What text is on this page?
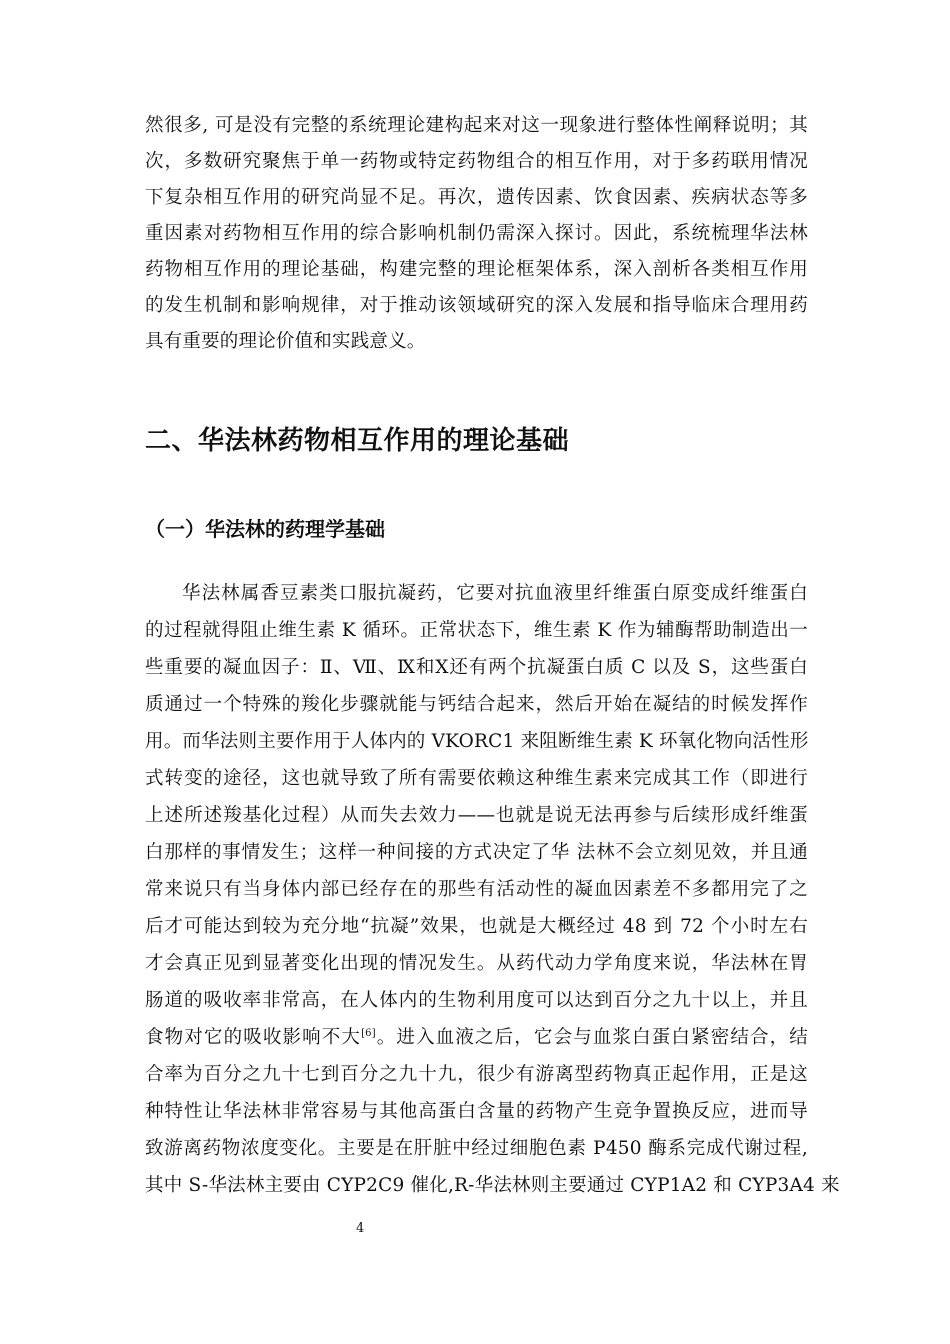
然很多, 可是没有完整的系统理论建构起来对这一现象进行整体性阐释说明；其
次，多数研究聚焦于单一药物或特定药物组合的相互作用，对于多药联用情况
下复杂相互作用的研究尚显不足。再次，遗传因素、饮食因素、疾病状态等多
重因素对药物相互作用的综合影响机制仍需深入探讨。因此，系统梳理华法林
药物相互作用的理论基础，构建完整的理论框架体系，深入剖析各类相互作用
的发生机制和影响规律，对于推动该领域研究的深入发展和指导临床合理用药
具有重要的理论价值和实践意义。
二、华法林药物相互作用的理论基础
（一）华法林的药理学基础
华法林属香豆素类口服抗凝药，它要对抗血液里纤维蛋白原变成纤维蛋白
的过程就得阻止维生素 K 循环。正常状态下，维生素 K 作为辅酶帮助制造出一
些重要的凝血因子：Ⅱ、Ⅶ、Ⅸ和Ⅹ还有两个抗凝蛋白质 C 以及 S，这些蛋白
质通过一个特殊的羧化步骤就能与钙结合起来，然后开始在凝结的时候发挥作
用。而华法则主要作用于人体内的 VKORC1 来阻断维生素 K 环氧化物向活性形
式转变的途径，这也就导致了所有需要依赖这种维生素来完成其工作（即进行
上述所述羧基化过程）从而失去效力——也就是说无法再参与后续形成纤维蛋
白那样的事情发生；这样一种间接的方式决定了华 法林不会立刻见效，并且通
常来说只有当身体内部已经存在的那些有活动性的凝血因素差不多都用完了之
后才可能达到较为充分地“抗凝”效果，也就是大概经过 48 到 72 个小时左右
才会真正见到显著变化出现的情况发生。从药代动力学角度来说，华法林在胃
肠道的吸收率非常高，在人体内的生物利用度可以达到百分之九十以上，并且
食物对它的吸收影响不大[6]。进入血液之后，它会与血浆白蛋白紧密结合，结
合率为百分之九十七到百分之九十九，很少有游离型药物真正起作用，正是这
种特性让华法林非常容易与其他高蛋白含量的药物产生竞争置换反应，进而导
致游离药物浓度变化。主要是在肝脏中经过细胞色素 P450 酶系完成代谢过程,
其中 S-华法林主要由 CYP2C9 催化,R-华法林则主要通过 CYP1A2 和 CYP3A4 来
4
